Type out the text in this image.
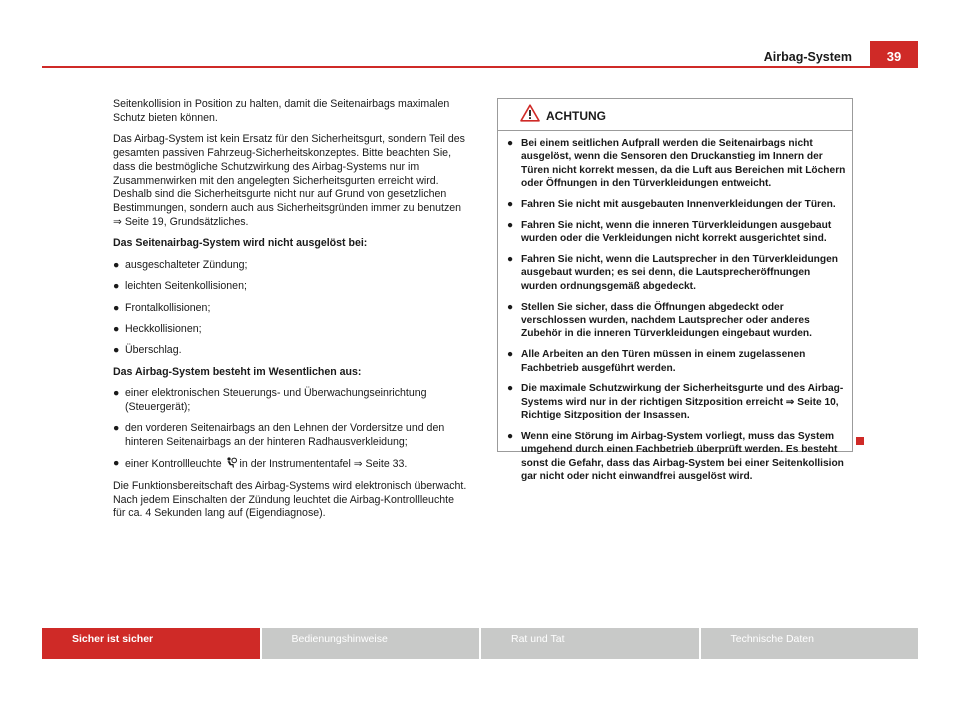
Airbag-System	39

Seitenkollision in Position zu halten, damit die Seitenairbags maximalen Schutz bieten können.

Das Airbag-System ist kein Ersatz für den Sicherheitsgurt, sondern Teil des gesamten passiven Fahrzeug-Sicherheitskonzeptes. Bitte beachten Sie, dass die bestmögliche Schutzwirkung des Airbag-Systems nur im Zusammenwirken mit den angelegten Sicherheitsgurten erreicht wird. Deshalb sind die Sicherheitsgurte nicht nur auf Grund von gesetzlichen Bestimmungen, sondern auch aus Sicherheitsgründen immer zu benutzen ⇒ Seite 19, Grundsätzliches.

Das Seitenairbag-System wird nicht ausgelöst bei:

● ausgeschalteter Zündung;
● leichten Seitenkollisionen;
● Frontalkollisionen;
● Heckkollisionen;
● Überschlag.

Das Airbag-System besteht im Wesentlichen aus:

● einer elektronischen Steuerungs- und Überwachungseinrichtung (Steuergerät);
● den vorderen Seitenairbags an den Lehnen der Vordersitze und den hinteren Seitenairbags an der hinteren Radhausverkleidung;
● einer Kontrollleuchte in der Instrumententafel ⇒ Seite 33.

Die Funktionsbereitschaft des Airbag-Systems wird elektronisch überwacht. Nach jedem Einschalten der Zündung leuchtet die Airbag-Kontrollleuchte für ca. 4 Sekunden lang auf (Eigendiagnose).

ACHTUNG
● Bei einem seitlichen Aufprall werden die Seitenairbags nicht ausgelöst, wenn die Sensoren den Druckanstieg im Innern der Türen nicht korrekt messen, da die Luft aus Bereichen mit Löchern oder Öffnungen in den Türverkleidungen entweicht.
● Fahren Sie nicht mit ausgebauten Innenverkleidungen der Türen.
● Fahren Sie nicht, wenn die inneren Türverkleidungen ausgebaut wurden oder die Verkleidungen nicht korrekt ausgerichtet sind.
● Fahren Sie nicht, wenn die Lautsprecher in den Türverkleidungen ausgebaut wurden; es sei denn, die Lautsprecheröffnungen wurden ordnungsgemäß abgedeckt.
● Stellen Sie sicher, dass die Öffnungen abgedeckt oder verschlossen wurden, nachdem Lautsprecher oder anderes Zubehör in die inneren Türverkleidungen eingebaut wurden.
● Alle Arbeiten an den Türen müssen in einem zugelassenen Fachbetrieb ausgeführt werden.
● Die maximale Schutzwirkung der Sicherheitsgurte und des Airbag-Systems wird nur in der richtigen Sitzposition erreicht ⇒ Seite 10, Richtige Sitzposition der Insassen.
● Wenn eine Störung im Airbag-System vorliegt, muss das System umgehend durch einen Fachbetrieb überprüft werden. Es besteht sonst die Gefahr, dass das Airbag-System bei einer Seitenkollision gar nicht oder nicht einwandfrei ausgelöst wird.
Sicher ist sicher	Bedienungshinweise	Rat und Tat	Technische Daten
